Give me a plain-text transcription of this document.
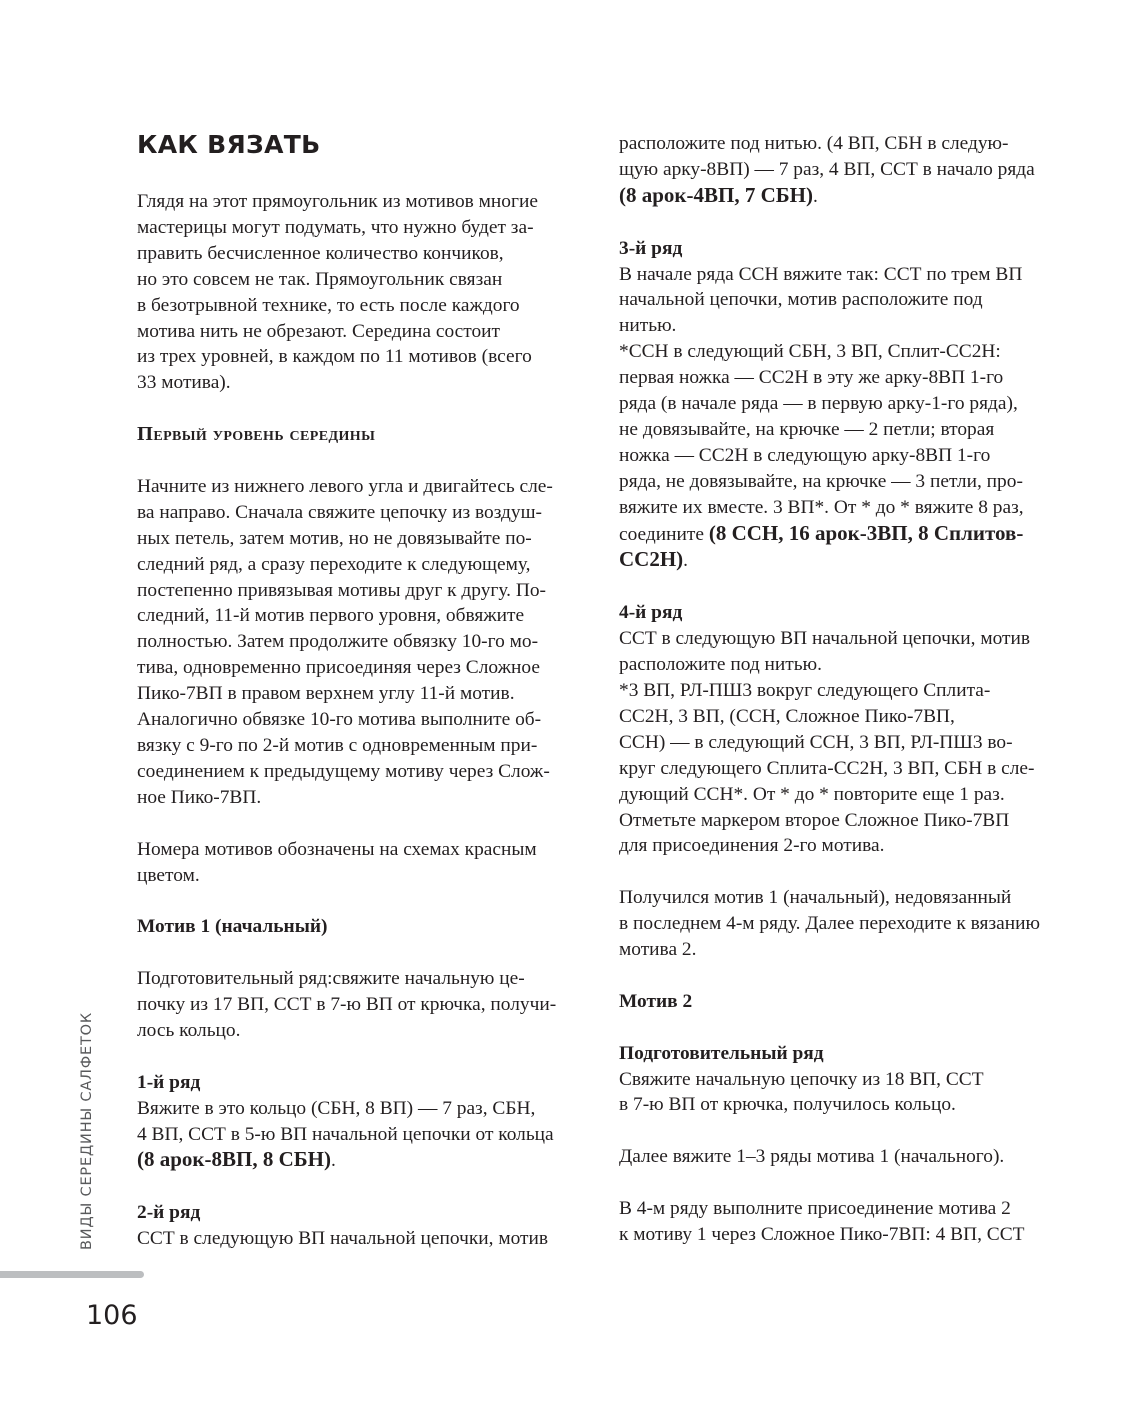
КАК ВЯЗАТЬ

Глядя на этот прямоугольник из мотивов многие
мастерицы могут подумать, что нужно будет за-
править бесчисленное количество кончиков,
но это совсем не так. Прямоугольник связан
в безотрывной технике, то есть после каждого
мотива нить не обрезают. Середина состоит
из трех уровней, в каждом по 11 мотивов (всего
33 мотива).

Первый уровень середины

Начните из нижнего левого угла и двигайтесь сле-
ва направо. Сначала свяжите цепочку из воздуш-
ных петель, затем мотив, но не довязывайте по-
следний ряд, а сразу переходите к следующему,
постепенно привязывая мотивы друг к другу. По-
следний, 11-й мотив первого уровня, обвяжите
полностью. Затем продолжите обвязку 10-го мо-
тива, одновременно присоединяя через Сложное
Пико-7ВП в правом верхнем углу 11-й мотив.
Аналогично обвязке 10-го мотива выполните об-
вязку с 9-го по 2-й мотив с одновременным при-
соединением к предыдущему мотиву через Слож-
ное Пико-7ВП.

Номера мотивов обозначены на схемах красным
цветом.

Мотив 1 (начальный)

Подготовительный ряд:свяжите начальную це-
почку из 17 ВП, ССТ в 7-ю ВП от крючка, получи-
лось кольцо.

1-й ряд

Вяжите в это кольцо (СБН, 8 ВП) — 7 раз, СБН,
4 ВП, ССТ в 5-ю ВП начальной цепочки от кольца

(8 арок-8ВП, 8 СБН).

2-й ряд

ССТ в следующую ВП начальной цепочки, мотив

расположите под нитью. (4 ВП, СБН в следую-
щую арку-8ВП) — 7 раз, 4 ВП, ССТ в начало ряда

(8 арок-4ВП, 7 СБН).

3-й ряд

В начале ряда ССН вяжите так: ССТ по трем ВП
начальной цепочки, мотив расположите под
нитью.
*ССН в следующий СБН, 3 ВП, Сплит-СС2Н:
первая ножка — СС2Н в эту же арку-8ВП 1-го
ряда (в начале ряда — в первую арку-1-го ряда),
не довязывайте, на крючке — 2 петли; вторая
ножка — СС2Н в следующую арку-8ВП 1-го
ряда, не довязывайте, на крючке — 3 петли, про-
вяжите их вместе. 3 ВП*. От * до * вяжите 8 раз,

соедините (8 ССН, 16 арок-3ВП, 8 Сплитов-

СС2Н).

4-й ряд

ССТ в следующую ВП начальной цепочки, мотив
расположите под нитью.
*3 ВП, РЛ-ПШ3 вокруг следующего Сплита-
СС2Н, 3 ВП, (ССН, Сложное Пико-7ВП,
ССН) — в следующий ССН, 3 ВП, РЛ-ПШ3 во-
круг следующего Сплита-СС2Н, 3 ВП, СБН в сле-
дующий ССН*. От * до * повторите еще 1 раз.
Отметьте маркером второе Сложное Пико-7ВП
для присоединения 2-го мотива.

Получился мотив 1 (начальный), недовязанный
в последнем 4-м ряду. Далее переходите к вязанию
мотива 2.

Мотив 2

Подготовительный ряд

Свяжите начальную цепочку из 18 ВП, ССТ
в 7-ю ВП от крючка, получилось кольцо.

Далее вяжите 1–3 ряды мотива 1 (начального).

В 4-м ряду выполните присоединение мотива 2
к мотиву 1 через Сложное Пико-7ВП: 4 ВП, ССТ

ВИДЫ СЕРЕДИНЫ САЛФЕТОК
106
